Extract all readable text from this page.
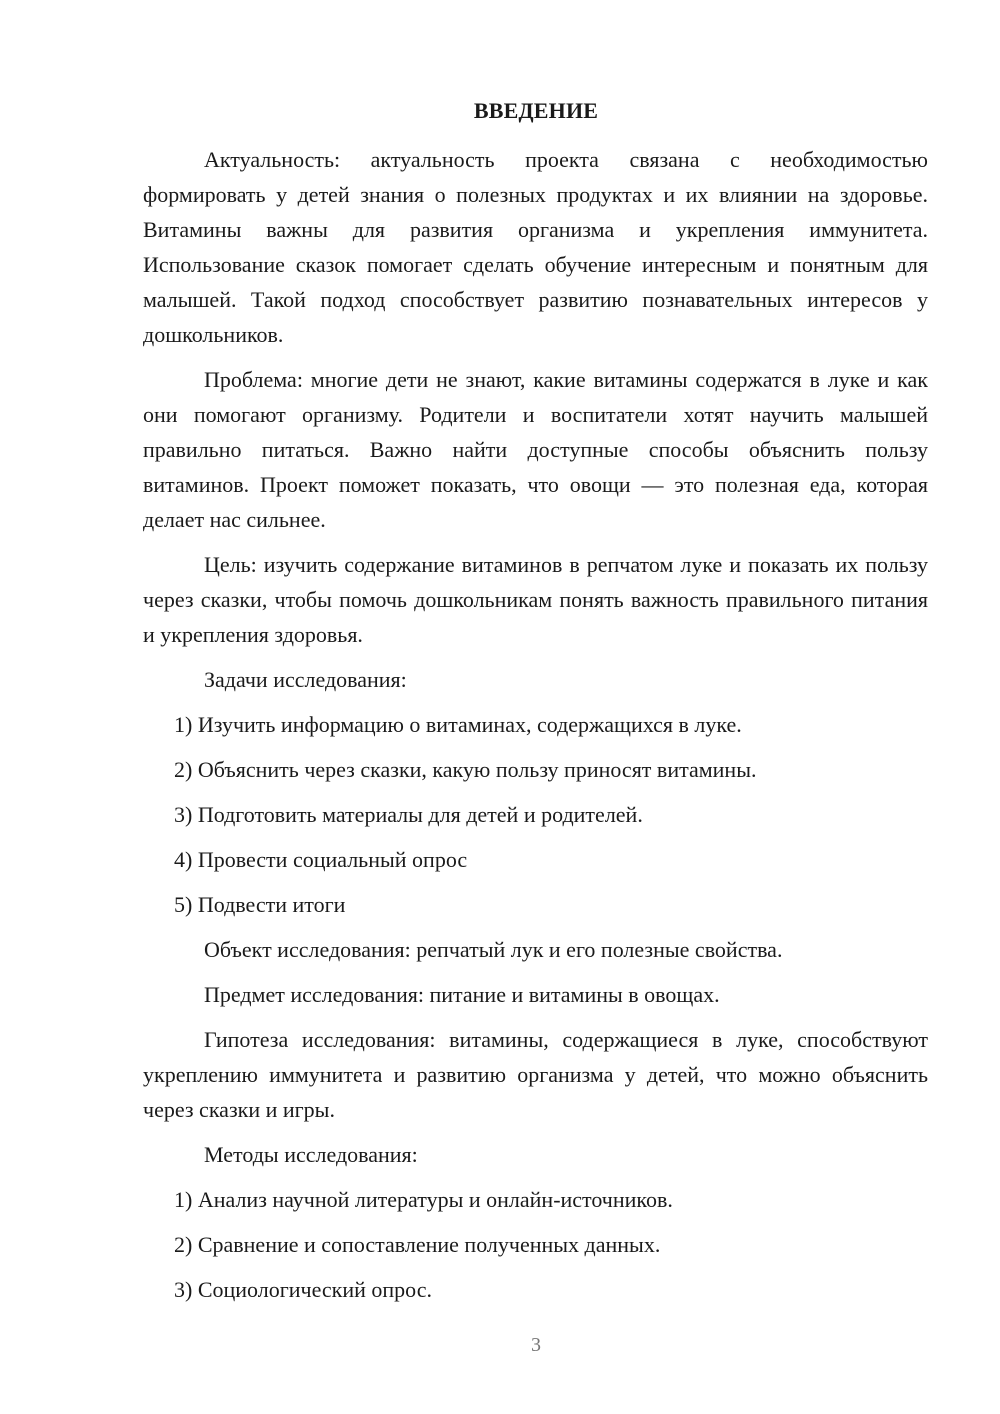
ВВЕДЕНИЕ

Актуальность: актуальность проекта связана с необходимостью формировать у детей знания о полезных продуктах и их влиянии на здоровье. Витамины важны для развития организма и укрепления иммунитета. Использование сказок помогает сделать обучение интересным и понятным для малышей. Такой подход способствует развитию познавательных интересов у дошкольников.

Проблема: многие дети не знают, какие витамины содержатся в луке и как они помогают организму. Родители и воспитатели хотят научить малышей правильно питаться. Важно найти доступные способы объяснить пользу витаминов. Проект поможет показать, что овощи — это полезная еда, которая делает нас сильнее.

Цель: изучить содержание витаминов в репчатом луке и показать их пользу через сказки, чтобы помочь дошкольникам понять важность правильного питания и укрепления здоровья.

Задачи исследования:
1) Изучить информацию о витаминах, содержащихся в луке.
2) Объяснить через сказки, какую пользу приносят витамины.
3) Подготовить материалы для детей и родителей.
4) Провести социальный опрос
5) Подвести итоги
Объект исследования: репчатый лук и его полезные свойства.
Предмет исследования: питание и витамины в овощах.

Гипотеза исследования: витамины, содержащиеся в луке, способствуют укреплению иммунитета и развитию организма у детей, что можно объяснить через сказки и игры.

Методы исследования:
1) Анализ научной литературы и онлайн-источников.
2) Сравнение и сопоставление полученных данных.
3) Социологический опрос.
3
